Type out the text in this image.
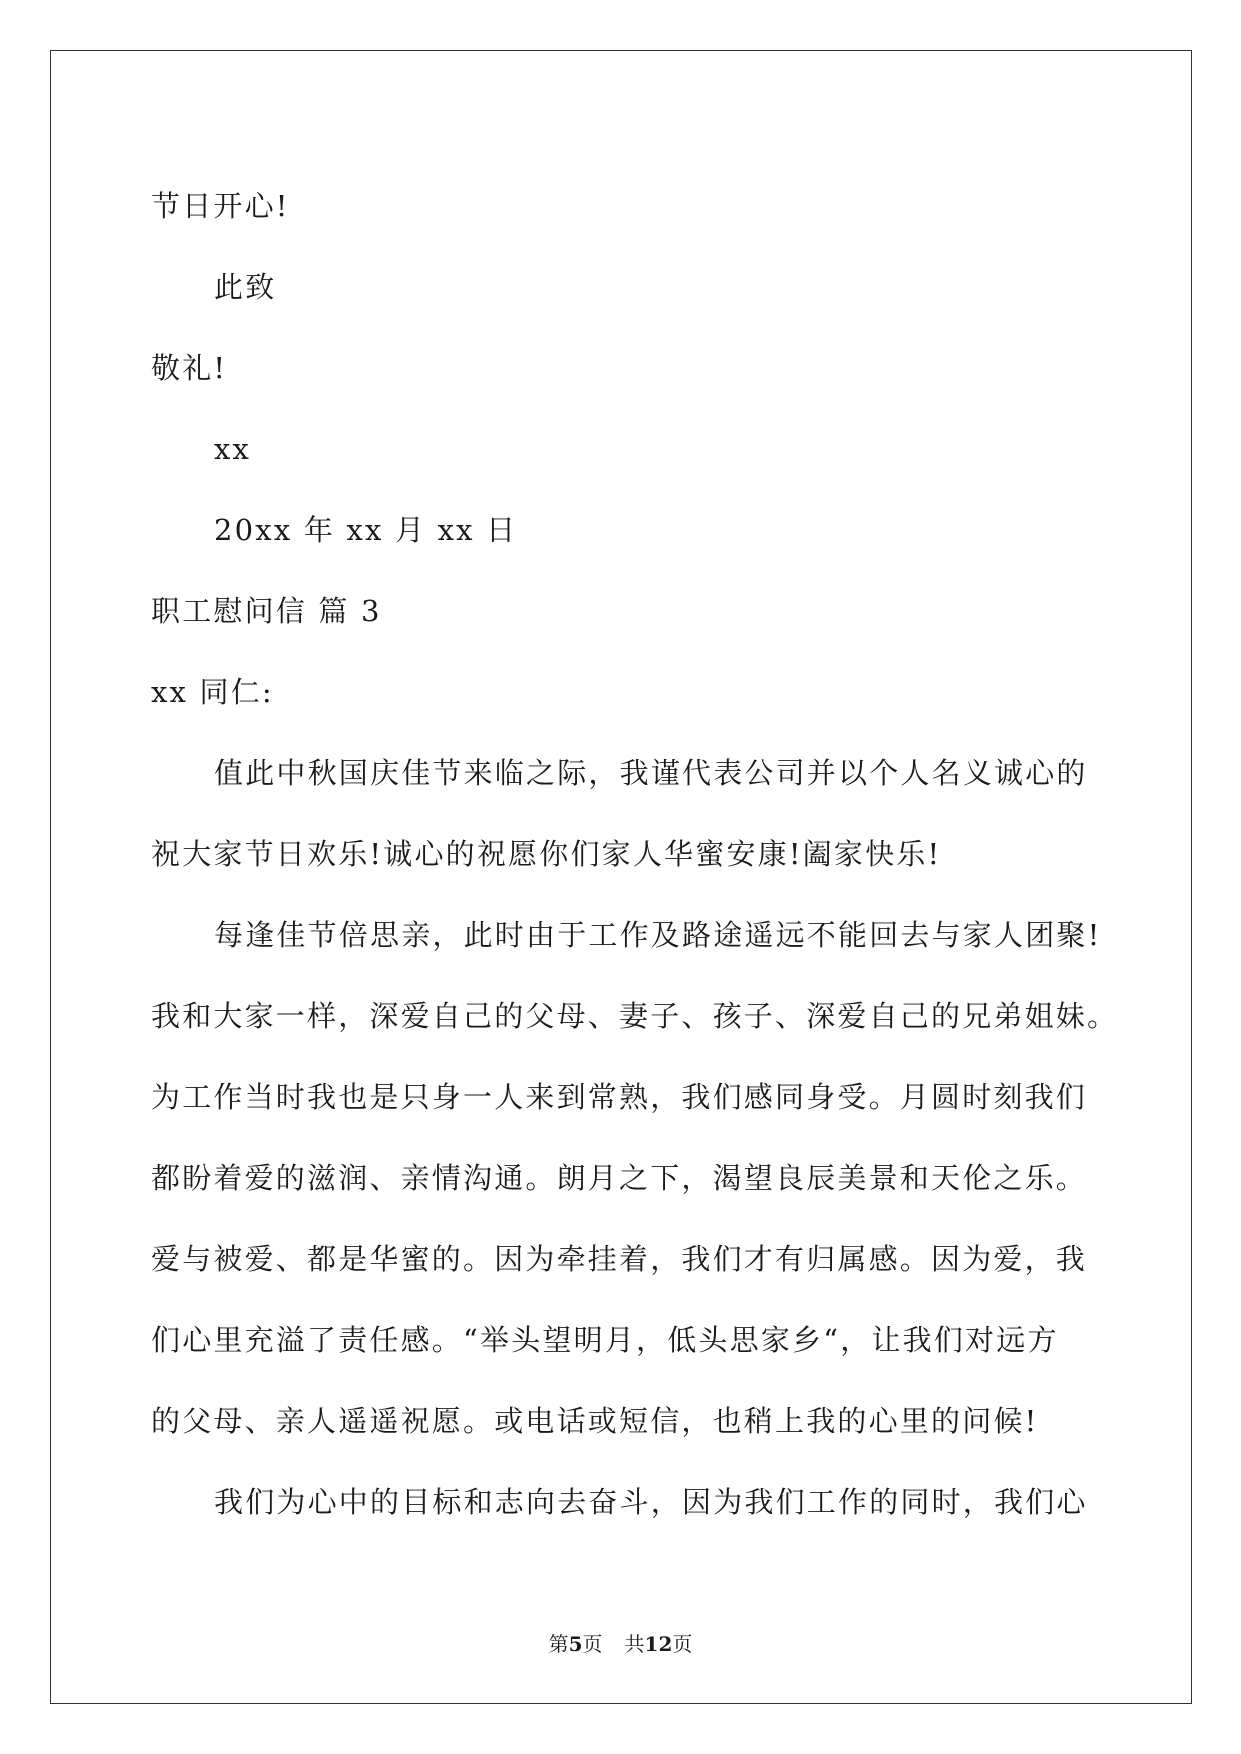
节日开心!

此致

敬礼!

xx

20xx 年 xx 月 xx 日

职工慰问信 篇 3

xx 同仁:

值此中秋国庆佳节来临之际，我谨代表公司并以个人名义诚心的

祝大家节日欢乐!诚心的祝愿你们家人华蜜安康!阖家快乐!

每逢佳节倍思亲，此时由于工作及路途遥远不能回去与家人团聚!

我和大家一样，深爱自己的父母、妻子、孩子、深爱自己的兄弟姐妹。

为工作当时我也是只身一人来到常熟，我们感同身受。月圆时刻我们

都盼着爱的滋润、亲情沟通。朗月之下，渴望良辰美景和天伦之乐。

爱与被爱、都是华蜜的。因为牵挂着，我们才有归属感。因为爱，我

们心里充溢了责任感。“举头望明月，低头思家乡“，让我们对远方

的父母、亲人遥遥祝愿。或电话或短信，也稍上我的心里的问候!

我们为心中的目标和志向去奋斗，因为我们工作的同时，我们心

第5页 共12页
